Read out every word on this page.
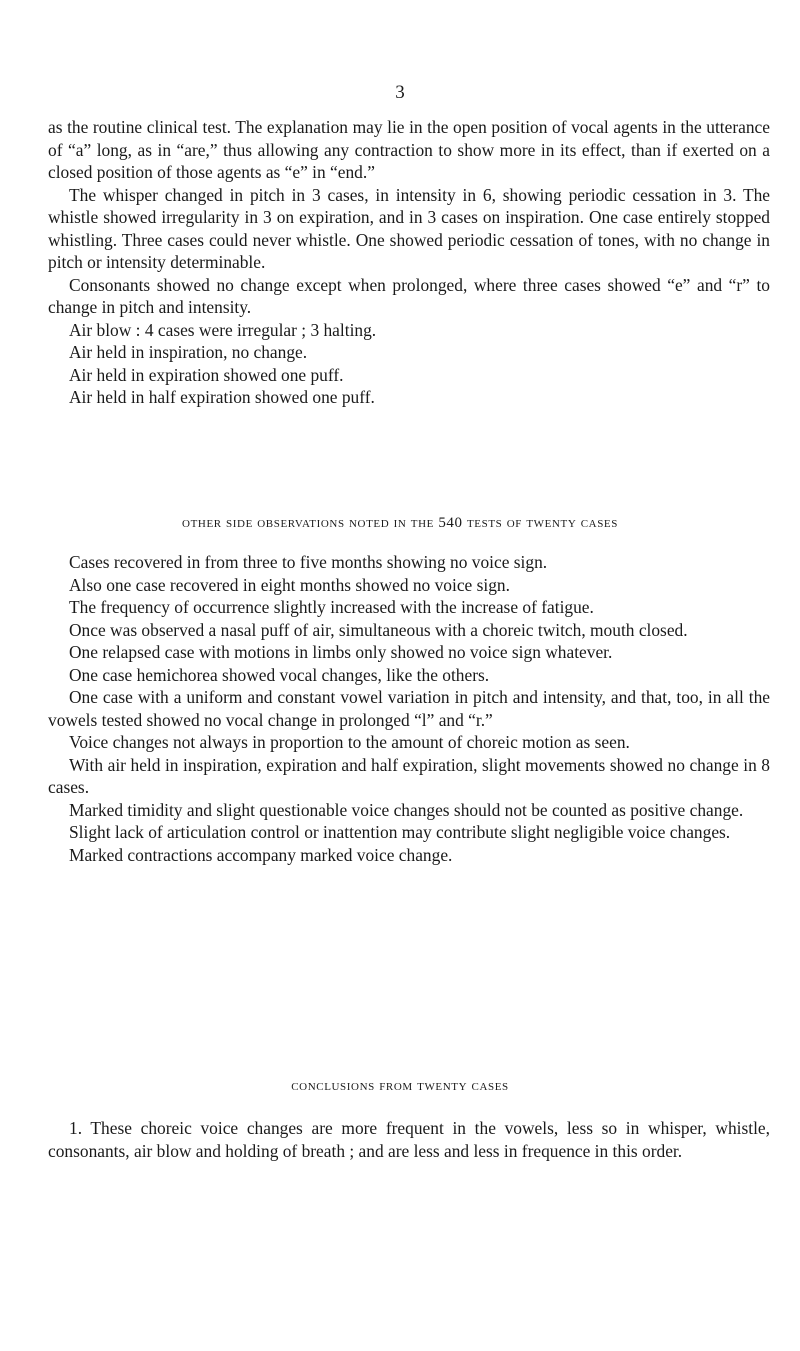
3

as the routine clinical test. The explanation may lie in the open position of vocal agents in the utterance of “a” long, as in “are,” thus allowing any contraction to show more in its effect, than if exerted on a closed position of those agents as “e” in “end.”

The whisper changed in pitch in 3 cases, in intensity in 6, showing periodic cessation in 3. The whistle showed irregularity in 3 on expiration, and in 3 cases on inspiration. One case entirely stopped whistling. Three cases could never whistle. One showed periodic cessation of tones, with no change in pitch or intensity determinable.

Consonants showed no change except when prolonged, where three cases showed “e” and “r” to change in pitch and intensity.

Air blow : 4 cases were irregular ; 3 halting.

Air held in inspiration, no change.

Air held in expiration showed one puff.

Air held in half expiration showed one puff.

other side observations noted in the 540 tests of twenty cases

Cases recovered in from three to five months showing no voice sign.

Also one case recovered in eight months showed no voice sign.

The frequency of occurrence slightly increased with the increase of fatigue.

Once was observed a nasal puff of air, simultaneous with a choreic twitch, mouth closed.

One relapsed case with motions in limbs only showed no voice sign whatever.

One case hemichorea showed vocal changes, like the others.

One case with a uniform and constant vowel variation in pitch and intensity, and that, too, in all the vowels tested showed no vocal change in prolonged “l” and “r.”

Voice changes not always in proportion to the amount of choreic motion as seen.

With air held in inspiration, expiration and half expiration, slight movements showed no change in 8 cases.

Marked timidity and slight questionable voice changes should not be counted as positive change.

Slight lack of articulation control or inattention may contribute slight negligible voice changes.

Marked contractions accompany marked voice change.

conclusions from twenty cases

1. These choreic voice changes are more frequent in the vowels, less so in whisper, whistle, consonants, air blow and holding of breath ; and are less and less in frequence in this order.
